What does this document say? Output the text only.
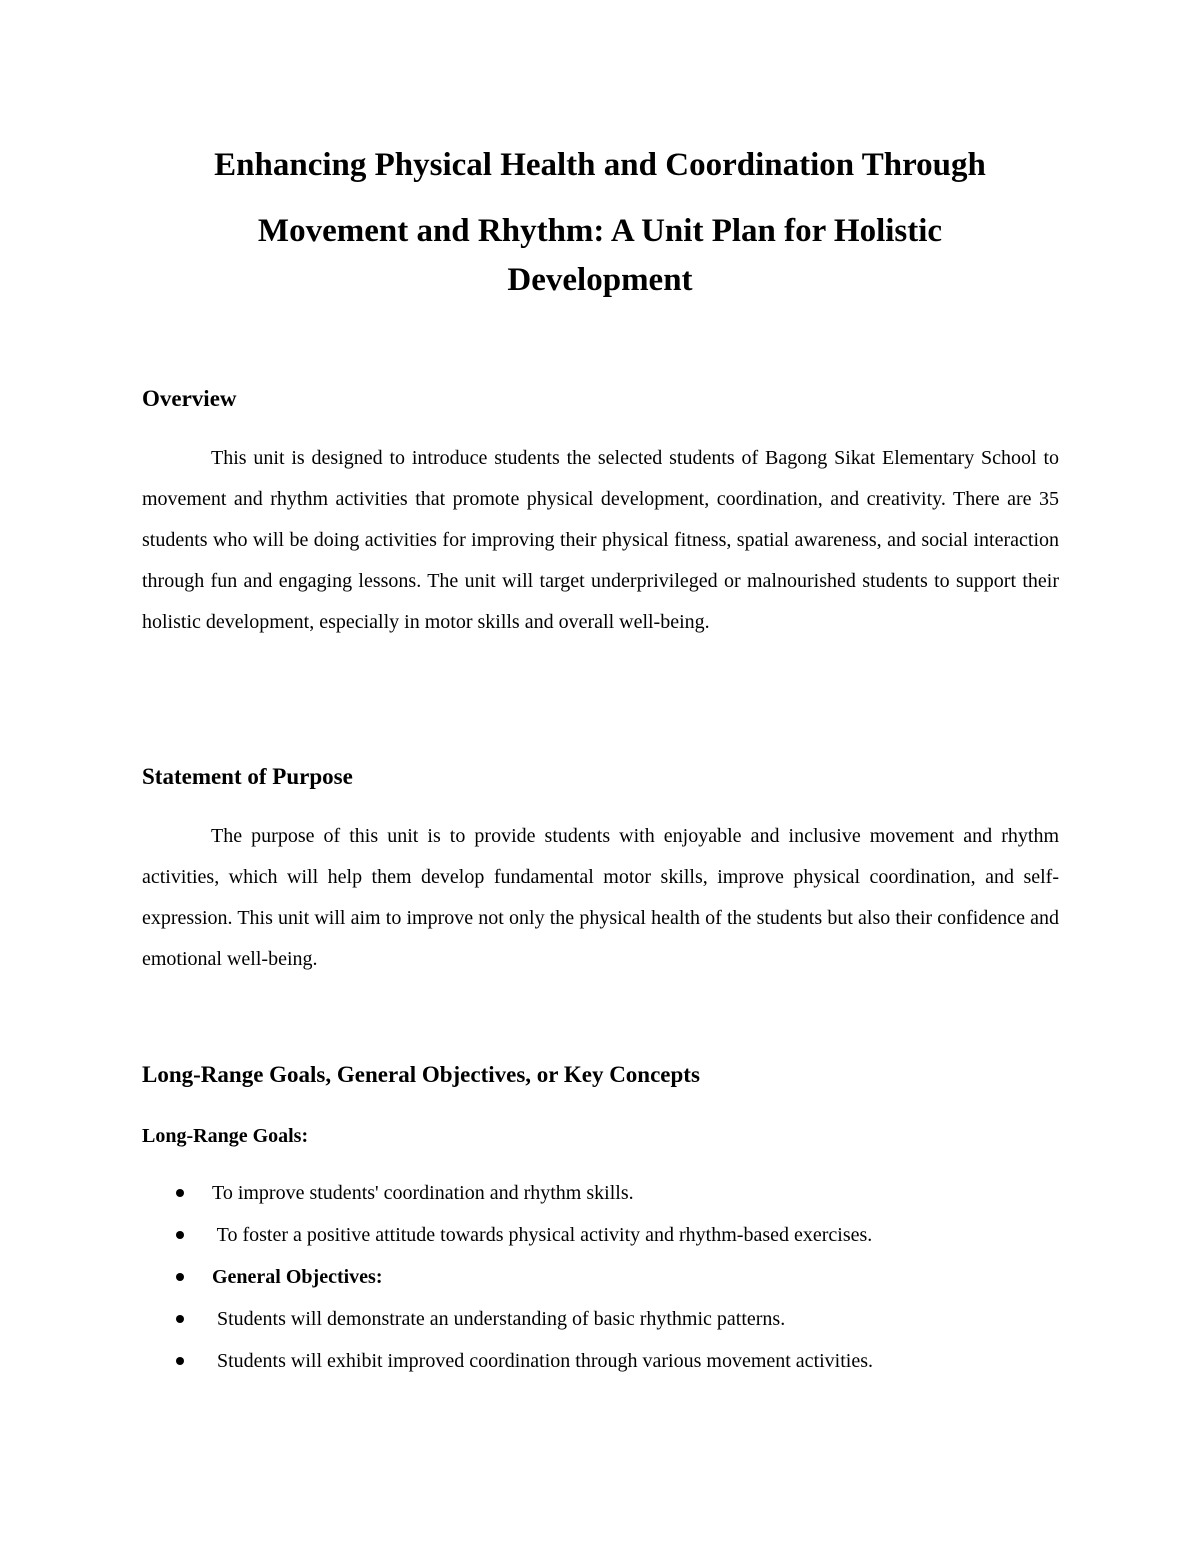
Enhancing Physical Health and Coordination Through
Movement and Rhythm: A Unit Plan for Holistic
Development
Overview

This unit is designed to introduce students the selected students of Bagong Sikat Elementary School to movement and rhythm activities that promote physical development, coordination, and creativity. There are 35 students who will be doing activities for improving their physical fitness, spatial awareness, and social interaction through fun and engaging lessons. The unit will target underprivileged or malnourished students to support their holistic development, especially in motor skills and overall well-being.

Statement of Purpose

The purpose of this unit is to provide students with enjoyable and inclusive movement and rhythm activities, which will help them develop fundamental motor skills, improve physical coordination, and self-expression. This unit will aim to improve not only the physical health of the students but also their confidence and emotional well-being.

Long-Range Goals, General Objectives, or Key Concepts
Long-Range Goals:
To improve students' coordination and rhythm skills.
To foster a positive attitude towards physical activity and rhythm-based exercises.
General Objectives:
Students will demonstrate an understanding of basic rhythmic patterns.
Students will exhibit improved coordination through various movement activities.
